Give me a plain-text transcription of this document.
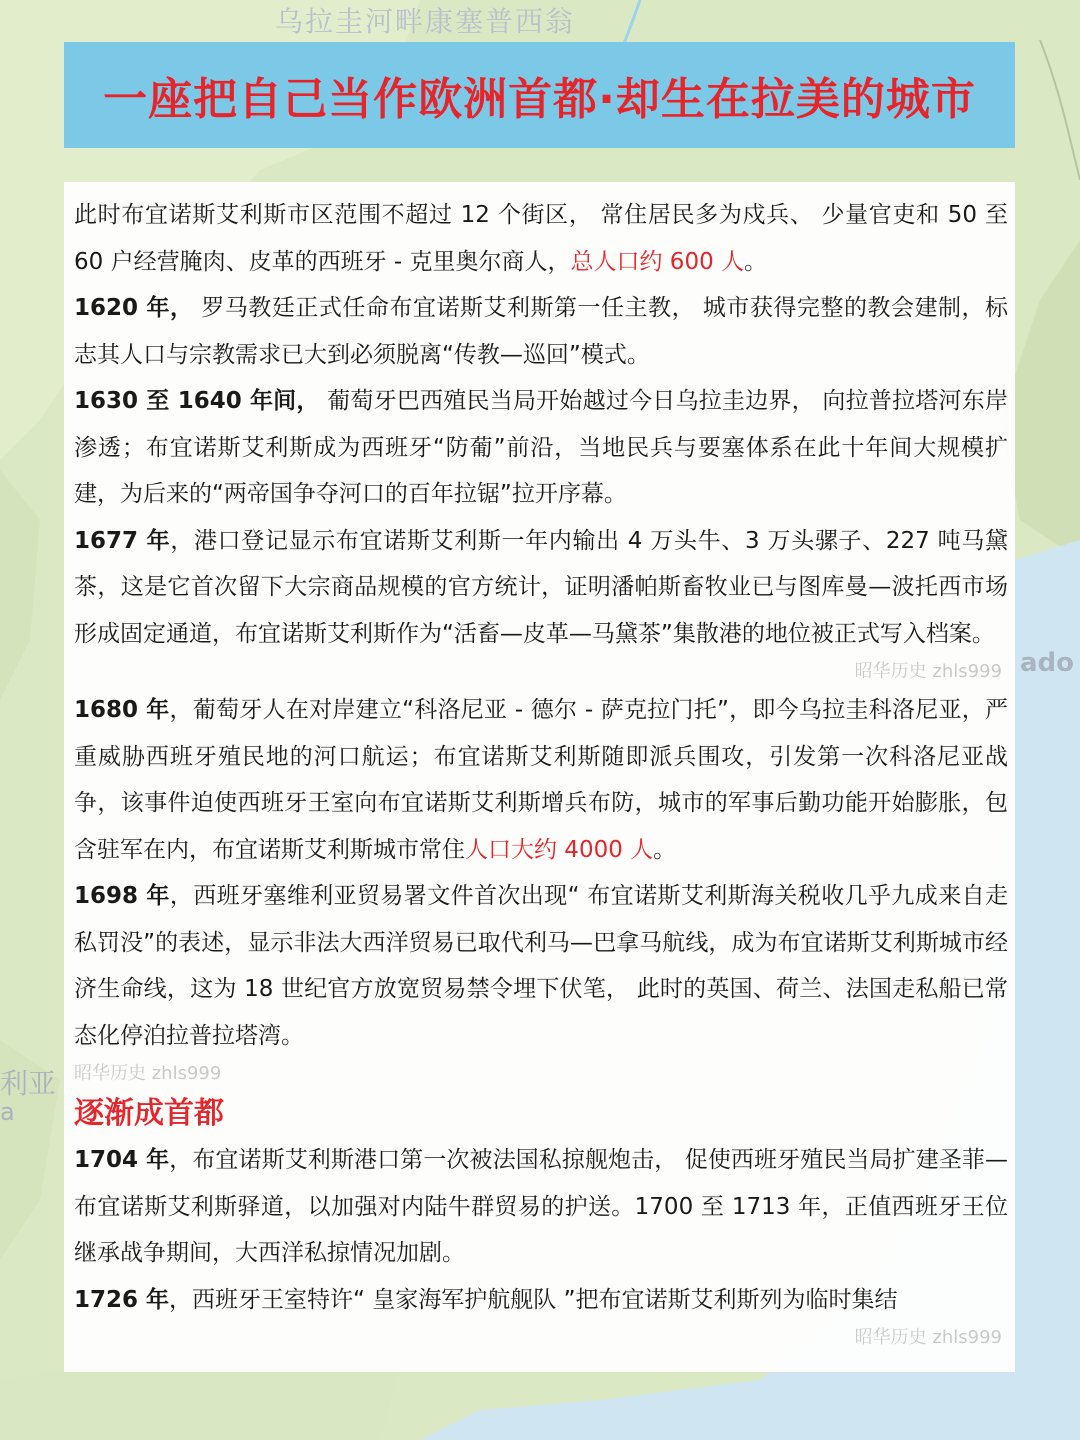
乌拉圭河畔康塞普西翁
ado
利亚
a
一座把自己当作欧洲首都·却生在拉美的城市

此时布宜诺斯艾利斯市区范围不超过 12 个街区， 常住居民多为戍兵、 少量官吏和 50 至 60 户经营腌肉、皮革的西班牙 - 克里奥尔商人，总人口约 600 人。

1620 年， 罗马教廷正式任命布宜诺斯艾利斯第一任主教， 城市获得完整的教会建制，标志其人口与宗教需求已大到必须脱离“传教—巡回”模式。

1630 至 1640 年间， 葡萄牙巴西殖民当局开始越过今日乌拉圭边界， 向拉普拉塔河东岸渗透；布宜诺斯艾利斯成为西班牙“防葡”前沿，当地民兵与要塞体系在此十年间大规模扩建，为后来的“两帝国争夺河口的百年拉锯”拉开序幕。

1677 年，港口登记显示布宜诺斯艾利斯一年内输出 4 万头牛、3 万头骡子、227 吨马黛茶，这是它首次留下大宗商品规模的官方统计，证明潘帕斯畜牧业已与图库曼—波托西市场形成固定通道，布宜诺斯艾利斯作为“活畜—皮革—马黛茶”集散港的地位被正式写入档案。

昭华历史 zhls999

1680 年，葡萄牙人在对岸建立“科洛尼亚 - 德尔 - 萨克拉门托”，即今乌拉圭科洛尼亚，严重威胁西班牙殖民地的河口航运；布宜诺斯艾利斯随即派兵围攻，引发第一次科洛尼亚战争，该事件迫使西班牙王室向布宜诺斯艾利斯增兵布防，城市的军事后勤功能开始膨胀，包含驻军在内，布宜诺斯艾利斯城市常住人口大约 4000 人。

1698 年，西班牙塞维利亚贸易署文件首次出现“ 布宜诺斯艾利斯海关税收几乎九成来自走私罚没”的表述，显示非法大西洋贸易已取代利马—巴拿马航线，成为布宜诺斯艾利斯城市经济生命线，这为 18 世纪官方放宽贸易禁令埋下伏笔， 此时的英国、荷兰、法国走私船已常态化停泊拉普拉塔湾。

昭华历史 zhls999
逐渐成首都

1704 年，布宜诺斯艾利斯港口第一次被法国私掠舰炮击， 促使西班牙殖民当局扩建圣菲—布宜诺斯艾利斯驿道，以加强对内陆牛群贸易的护送。1700 至 1713 年，正值西班牙王位继承战争期间，大西洋私掠情况加剧。

1726 年，西班牙王室特许“ 皇家海军护航舰队 ”把布宜诺斯艾利斯列为临时集结

昭华历史 zhls999
